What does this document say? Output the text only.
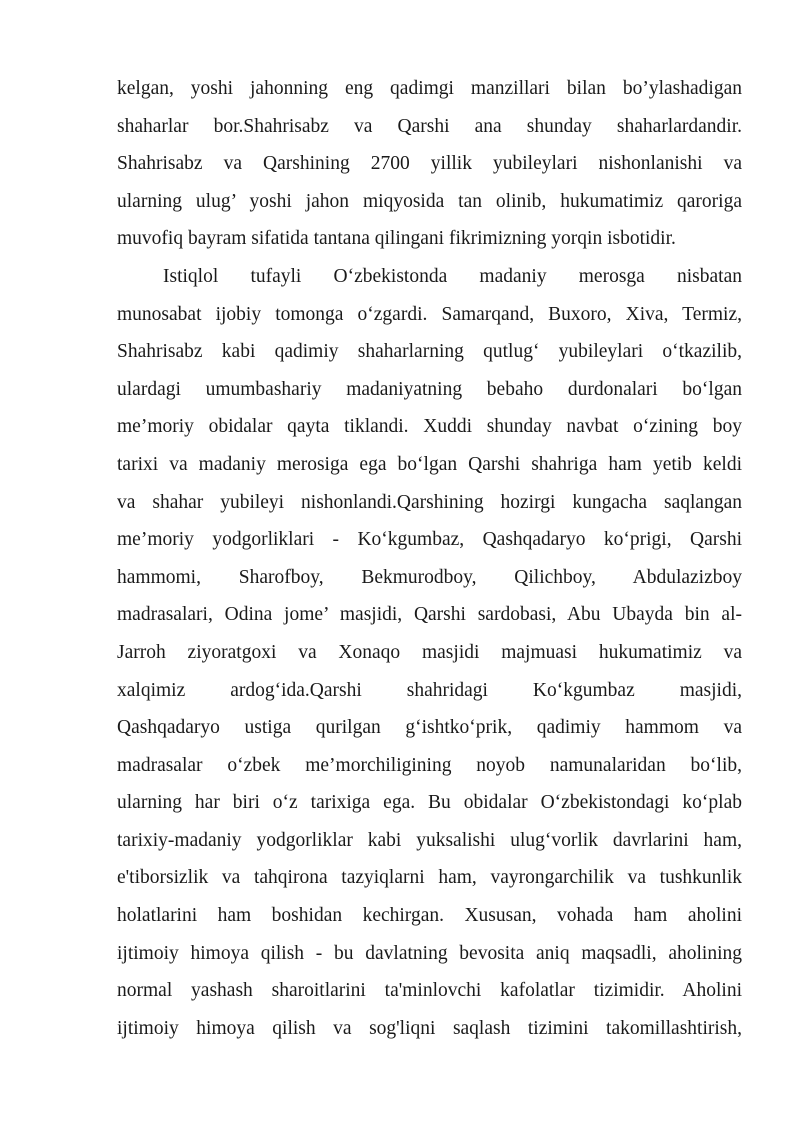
kelgan, yoshi jahonning eng qadimgi manzillari bilan bo’ylashadigan
shaharlar bor.Shahrisabz va Qarshi ana shunday shaharlardandir.
Shahrisabz va Qarshining 2700 yillik yubileylari nishonlanishi va
ularning ulug’ yoshi jahon miqyosida tan olinib, hukumatimiz qaroriga
muvofiq bayram sifatida tantana qilingani fikrimizning yorqin isbotidir.
Istiqlol tufayli O‘zbekistonda madaniy merosga nisbatan
munosabat ijobiy tomonga o‘zgardi. Samarqand, Buxoro, Xiva, Termiz,
Shahrisabz kabi qadimiy shaharlarning qutlug‘ yubileylari o‘tkazilib,
ulardagi umumbashariy madaniyatning bebaho durdonalari bo‘lgan
me’moriy obidalar qayta tiklandi. Xuddi shunday navbat o‘zining boy
tarixi va madaniy merosiga ega bo‘lgan Qarshi shahriga ham yetib keldi
va shahar yubileyi nishonlandi.Qarshining hozirgi kungacha saqlangan
me’moriy yodgorliklari - Ko‘kgumbaz, Qashqadaryo ko‘prigi, Qarshi
hammomi, Sharofboy, Bekmurodboy, Qilichboy, Abdulazizboy
madrasalari, Odina jome’ masjidi, Qarshi sardobasi, Abu Ubayda bin al-
Jarroh ziyoratgoxi va Xonaqo masjidi majmuasi hukumatimiz va
xalqimiz ardog‘ida.Qarshi shahridagi Ko‘kgumbaz masjidi,
Qashqadaryo ustiga qurilgan g‘ishtko‘prik, qadimiy hammom va
madrasalar o‘zbek me’morchiligining noyob namunalaridan bo‘lib,
ularning har biri o‘z tarixiga ega. Bu obidalar O‘zbekistondagi ko‘plab
tarixiy-madaniy yodgorliklar kabi yuksalishi ulug‘vorlik davrlarini ham,
e'tiborsizlik va tahqirona tazyiqlarni ham, vayrongarchilik va tushkunlik
holatlarini ham boshidan kechirgan. Xususan, vohada ham aholini
ijtimoiy himoya qilish - bu davlatning bevosita aniq maqsadli, aholining
normal yashash sharoitlarini ta'minlovchi kafolatlar tizimidir. Aholini
ijtimoiy himoya qilish va sog'liqni saqlash tizimini takomillashtirish,
